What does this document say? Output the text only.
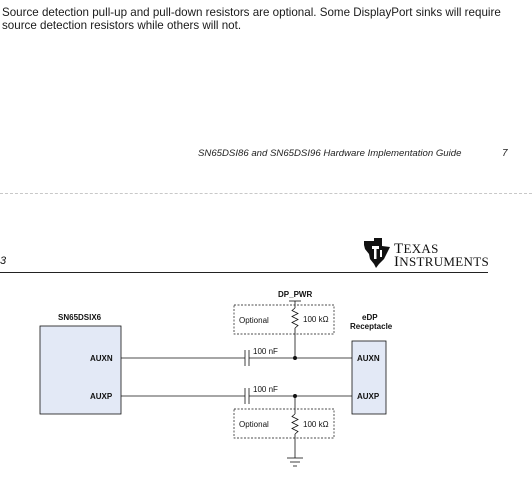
Source detection pull-up and pull-down resistors are optional. Some DisplayPort sinks will require source detection resistors while others will not.
SN65DSI86 and SN65DSI96 Hardware Implementation Guide	7
3
TEXAS
INSTRUMENTS
SN65DSIX6
AUXN
AUXP
eDP
Receptacle
AUXN
AUXP
100 nF
100 nF
DP_PWR
Optional	100 kΩ
Optional	100 kΩ
